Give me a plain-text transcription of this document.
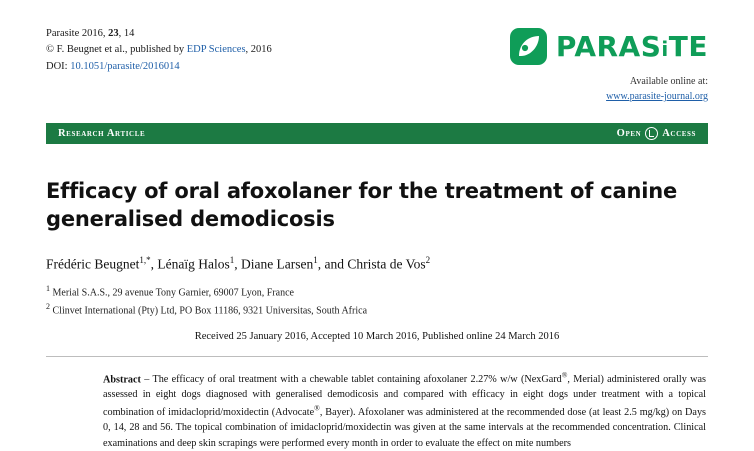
Parasite 2016, 23, 14
© F. Beugnet et al., published by EDP Sciences, 2016
DOI: 10.1051/parasite/2016014
PARASiTE
Available online at:
www.parasite-journal.org
Research Article	Open Access
Efficacy of oral afoxolaner for the treatment of canine generalised demodicosis
Frédéric Beugnet$^{1,*}$, Lénaïg Halos$^1$, Diane Larsen$^1$, and Christa de Vos$^2$
$^1$ Merial S.A.S., 29 avenue Tony Garnier, 69007 Lyon, France
$^2$ Clinvet International (Pty) Ltd, PO Box 11186, 9321 Universitas, South Africa
Received 25 January 2016, Accepted 10 March 2016, Published online 24 March 2016
Abstract – The efficacy of oral treatment with a chewable tablet containing afoxolaner 2.27% w/w (NexGard®, Merial) administered orally was assessed in eight dogs diagnosed with generalised demodicosis and compared with efficacy in eight dogs under treatment with a topical combination of imidacloprid/moxidectin (Advocate®, Bayer). Afoxolaner was administered at the recommended dose (at least 2.5 mg/kg) on Days 0, 14, 28 and 56. The topical combination of imidacloprid/moxidectin was given at the same intervals at the recommended concentration. Clinical examinations and deep skin scrapings were performed every month in order to evaluate the effect on mite numbers
